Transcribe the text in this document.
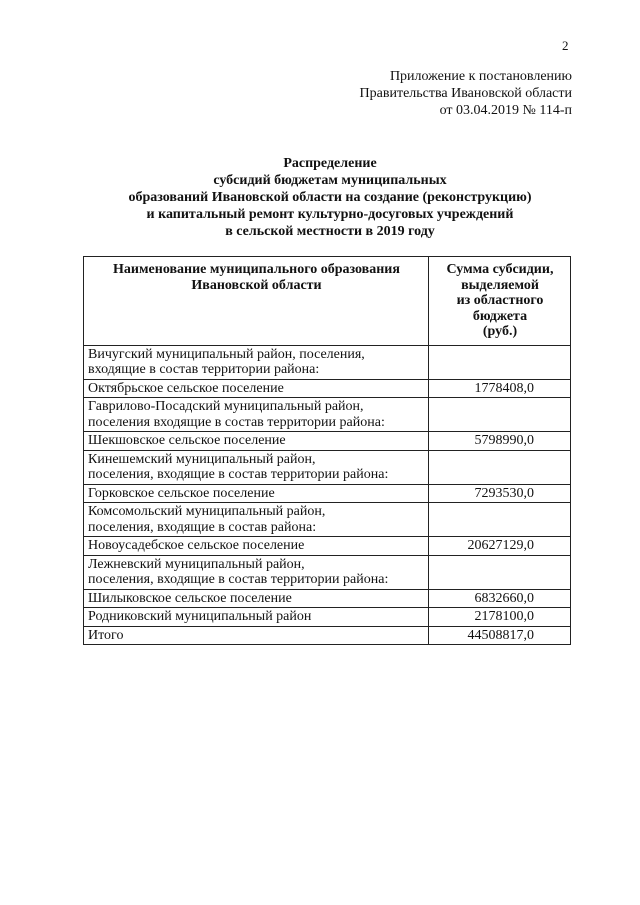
2
Приложение к постановлению
Правительства Ивановской области
от 03.04.2019 № 114-п
Распределение
субсидий бюджетам муниципальных
образований Ивановской области на создание (реконструкцию)
и капитальный ремонт культурно-досуговых учреждений
в сельской местности в 2019 году
Наименование муниципального образования
Ивановской области	Сумма субсидии,
выделяемой
из областного
бюджета
(руб.)

Вичугский муниципальный район, поселения,
входящие в состав территории района:	

Октябрьское сельское поселение	1778408,0

Гаврилово-Посадский муниципальный район,
поселения входящие в состав территории района:	

Шекшовское сельское поселение	5798990,0

Кинешемский муниципальный район,
поселения, входящие в состав территории района:	

Горковское сельское поселение	7293530,0

Комсомольский муниципальный район,
поселения, входящие в состав района:	

Новоусадебское сельское поселение	20627129,0

Лежневский муниципальный район,
поселения, входящие в состав территории района:	

Шилыковское сельское поселение	6832660,0

Родниковский муниципальный район	2178100,0

Итого	44508817,0
